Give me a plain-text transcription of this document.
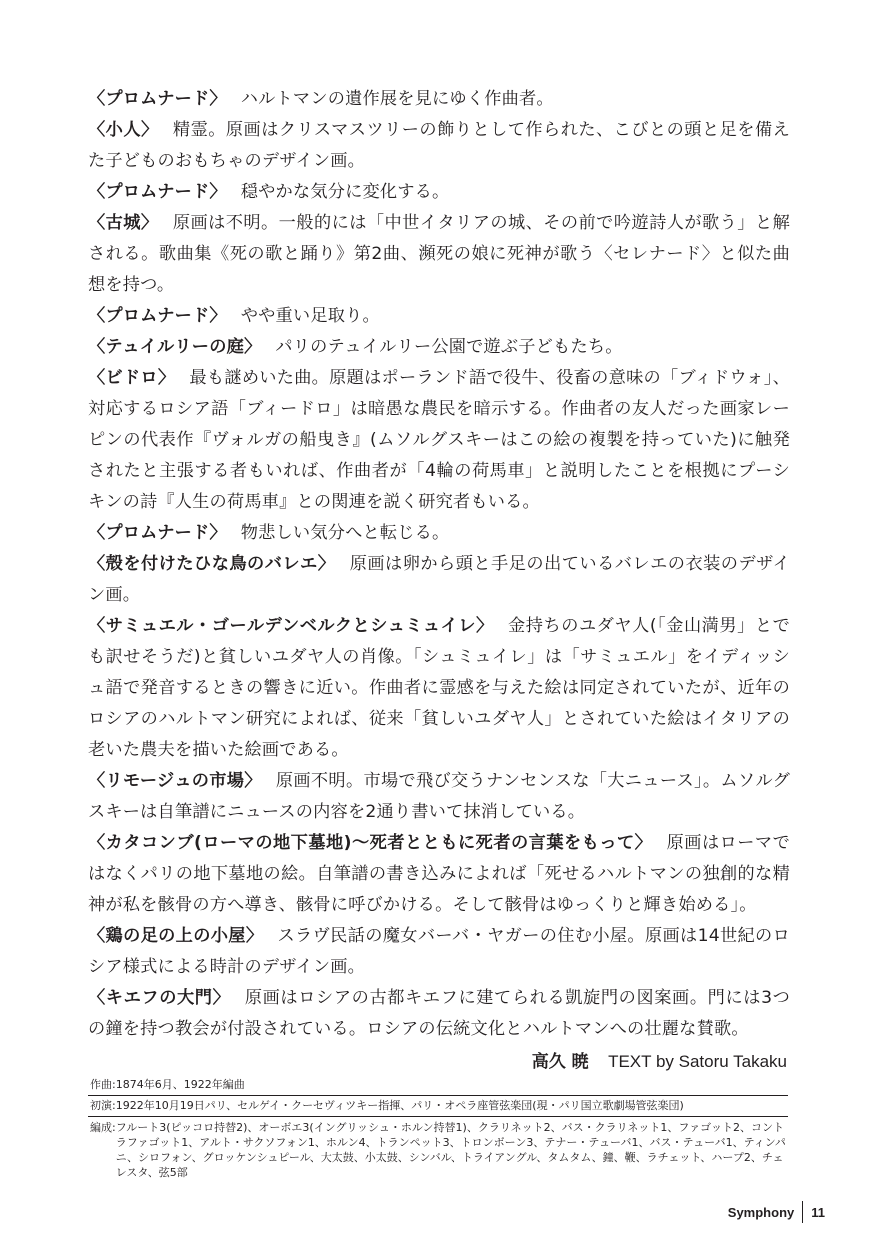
〈プロムナード〉 ハルトマンの遺作展を見にゆく作曲者。

〈小人〉 精霊。原画はクリスマスツリーの飾りとして作られた、こびとの頭と足を備えた子どものおもちゃのデザイン画。

〈プロムナード〉 穏やかな気分に変化する。

〈古城〉 原画は不明。一般的には「中世イタリアの城、その前で吟遊詩人が歌う」と解される。歌曲集《死の歌と踊り》第2曲、瀕死の娘に死神が歌う〈セレナード〉と似た曲想を持つ。

〈プロムナード〉 やや重い足取り。

〈テュイルリーの庭〉 パリのテュイルリー公園で遊ぶ子どもたち。

〈ビドロ〉 最も謎めいた曲。原題はポーランド語で役牛、役畜の意味の「ブィドウォ」、対応するロシア語「ブィードロ」は暗愚な農民を暗示する。作曲者の友人だった画家レーピンの代表作『ヴォルガの船曳き』(ムソルグスキーはこの絵の複製を持っていた)に触発されたと主張する者もいれば、作曲者が「4輪の荷馬車」と説明したことを根拠にプーシキンの詩『人生の荷馬車』との関連を説く研究者もいる。

〈プロムナード〉 物悲しい気分へと転じる。

〈殻を付けたひな鳥のバレエ〉 原画は卵から頭と手足の出ているバレエの衣装のデザイン画。

〈サミュエル・ゴールデンベルクとシュミュイレ〉 金持ちのユダヤ人(「金山満男」とでも訳せそうだ)と貧しいユダヤ人の肖像。「シュミュイレ」は「サミュエル」をイディッシュ語で発音するときの響きに近い。作曲者に霊感を与えた絵は同定されていたが、近年のロシアのハルトマン研究によれば、従来「貧しいユダヤ人」とされていた絵はイタリアの老いた農夫を描いた絵画である。

〈リモージュの市場〉 原画不明。市場で飛び交うナンセンスな「大ニュース」。ムソルグスキーは自筆譜にニュースの内容を2通り書いて抹消している。

〈カタコンブ(ローマの地下墓地)〜死者とともに死者の言葉をもって〉 原画はローマではなくパリの地下墓地の絵。自筆譜の書き込みによれば「死せるハルトマンの独創的な精神が私を骸骨の方へ導き、骸骨に呼びかける。そして骸骨はゆっくりと輝き始める」。

〈鶏の足の上の小屋〉 スラヴ民話の魔女バーバ・ヤガーの住む小屋。原画は14世紀のロシア様式による時計のデザイン画。

〈キエフの大門〉 原画はロシアの古都キエフに建てられる凱旋門の図案画。門には3つの鐘を持つ教会が付設されている。ロシアの伝統文化とハルトマンへの壮麗な賛歌。

高久 暁 TEXT by Satoru Takaku
作曲:1874年6月、1922年編曲
初演:1922年10月19日パリ、セルゲイ・クーセヴィツキー指揮、パリ・オペラ座管弦楽団(現・パリ国立歌劇場管弦楽団)
編成: フルート3(ピッコロ持替2)、オーボエ3(イングリッシュ・ホルン持替1)、クラリネット2、バス・クラリネット1、ファゴット2、コントラファゴット1、アルト・サクソフォン1、ホルン4、トランペット3、トロンボーン3、テナー・テューバ1、バス・テューバ1、ティンパニ、シロフォン、グロッケンシュピール、大太鼓、小太鼓、シンバル、トライアングル、タムタム、鐘、鞭、ラチェット、ハープ2、チェレスタ、弦5部
Symphony 11
